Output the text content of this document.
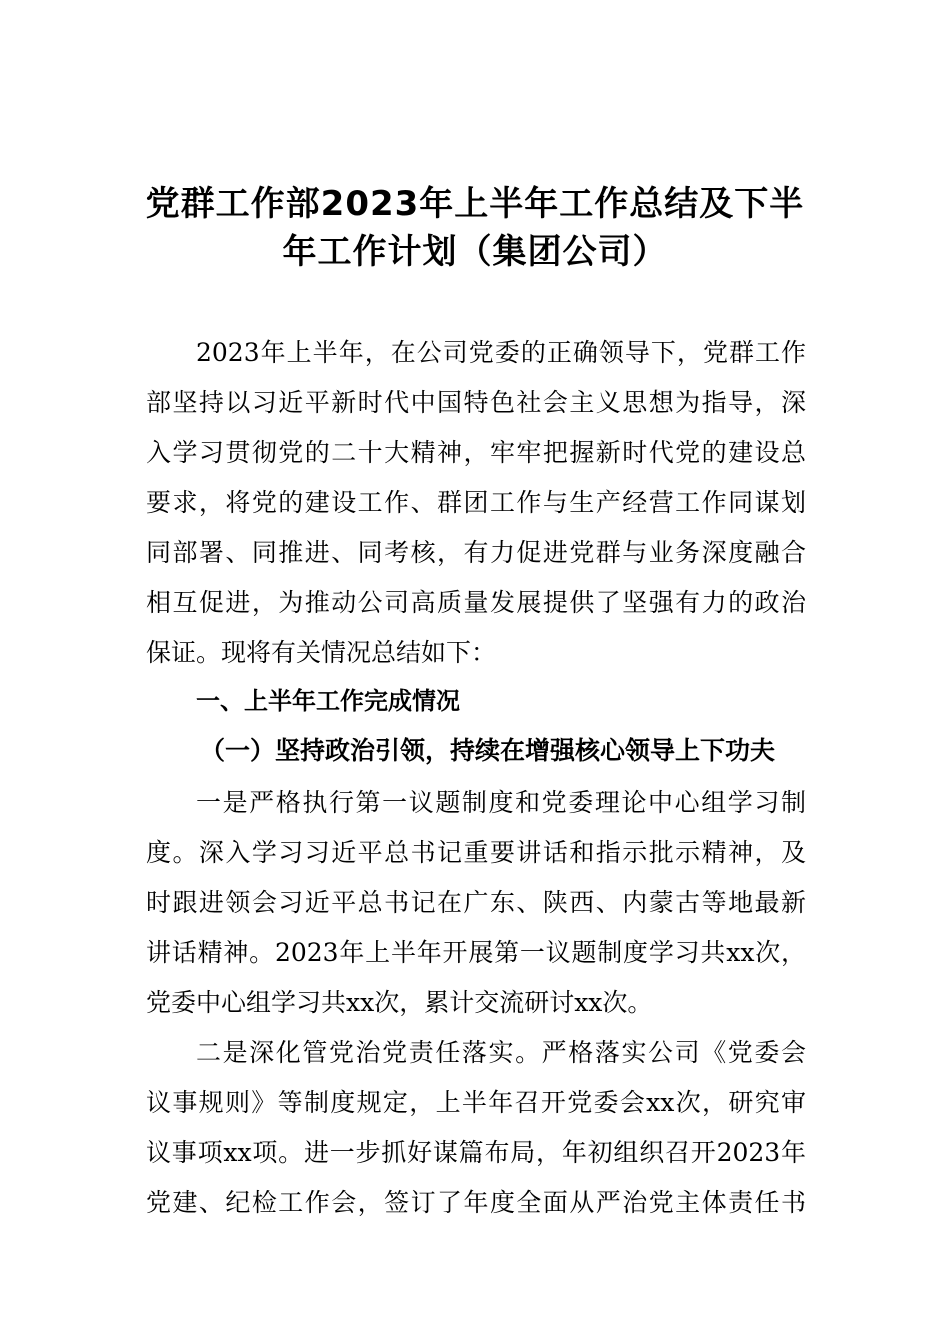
党群工作部2023年上半年工作总结及下半
年工作计划（集团公司）
2023年上半年，在公司党委的正确领导下，党群工作
部坚持以习近平新时代中国特色社会主义思想为指导，深
入学习贯彻党的二十大精神，牢牢把握新时代党的建设总
要求，将党的建设工作、群团工作与生产经营工作同谋划
同部署、同推进、同考核，有力促进党群与业务深度融合
相互促进，为推动公司高质量发展提供了坚强有力的政治
保证。现将有关情况总结如下：
一、上半年工作完成情况
（一）坚持政治引领，持续在增强核心领导上下功夫
一是严格执行第一议题制度和党委理论中心组学习制
度。深入学习习近平总书记重要讲话和指示批示精神，及
时跟进领会习近平总书记在广东、陕西、内蒙古等地最新
讲话精神。2023年上半年开展第一议题制度学习共xx次，
党委中心组学习共xx次，累计交流研讨xx次。
二是深化管党治党责任落实。严格落实公司《党委会
议事规则》等制度规定，上半年召开党委会xx次，研究审
议事项xx项。进一步抓好谋篇布局，年初组织召开2023年
党建、纪检工作会，签订了年度全面从严治党主体责任书
